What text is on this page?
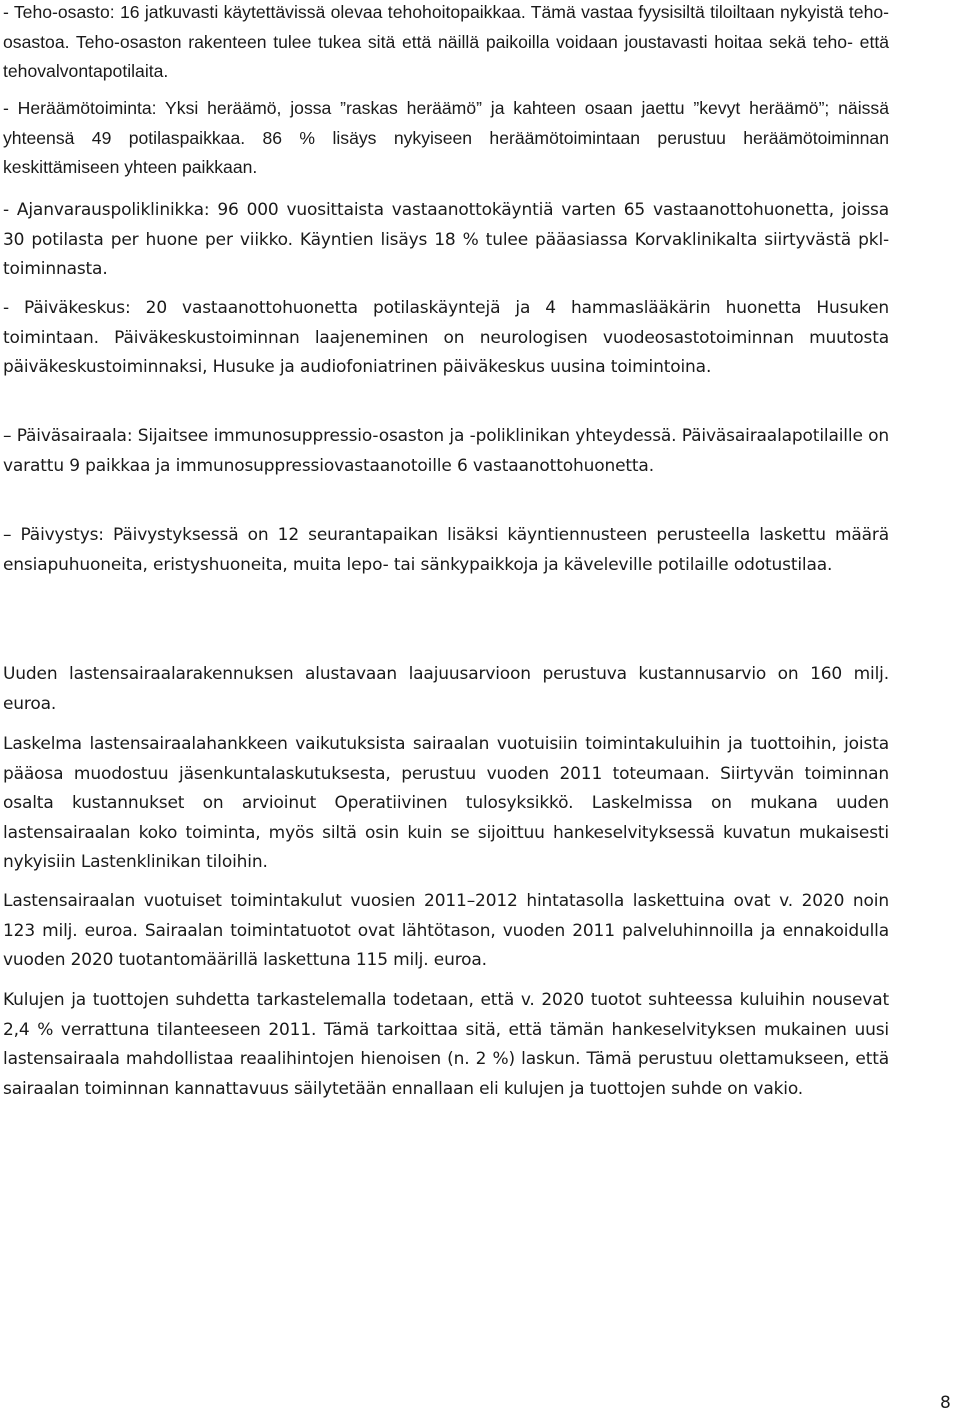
- Teho-osasto: 16 jatkuvasti käytettävissä olevaa tehohoitopaikkaa. Tämä vastaa fyysisiltä tiloiltaan nykyistä teho-osastoa. Teho-osaston rakenteen tulee tukea sitä että näillä paikoilla voidaan joustavasti hoitaa sekä teho- että tehovalvontapotilaita.

- Heräämötoiminta: Yksi heräämö, jossa ”raskas heräämö” ja kahteen osaan jaettu ”kevyt heräämö”; näissä yhteensä 49 potilaspaikkaa. 86 % lisäys nykyiseen heräämötoimintaan perustuu heräämötoiminnan keskittämiseen yhteen paikkaan.

- Ajanvarauspoliklinikka: 96 000 vuosittaista vastaanottokäyntiä varten 65 vastaanottohuonetta, joissa 30 potilasta per huone per viikko. Käyntien lisäys 18 % tulee pääasiassa Korvaklinikalta siirtyvästä pkl-toiminnasta.

- Päiväkeskus: 20 vastaanottohuonetta potilaskäyntejä ja 4 hammaslääkärin huonetta Husuken toimintaan. Päiväkeskustoiminnan laajeneminen on neurologisen vuodeosastotoiminnan muutosta päiväkeskustoiminnaksi, Husuke ja audiofoniatrinen päiväkeskus uusina toimintoina.

– Päiväsairaala: Sijaitsee immunosuppressio-osaston ja -poliklinikan yhteydessä. Päiväsairaalapotilaille on varattu 9 paikkaa ja immunosuppressiovastaanotoille 6 vastaanottohuonetta.

– Päivystys: Päivystyksessä on 12 seurantapaikan lisäksi käyntiennusteen perusteella laskettu määrä ensiapuhuoneita, eristyshuoneita, muita lepo- tai sänkypaikkoja ja käveleville potilaille odotustilaa.

Uuden lastensairaalarakennuksen alustavaan laajuusarvioon perustuva kustannusarvio on 160 milj. euroa.

Laskelma lastensairaalahankkeen vaikutuksista sairaalan vuotuisiin toimintakuluihin ja tuottoihin, joista pääosa muodostuu jäsenkuntalaskutuksesta, perustuu vuoden 2011 toteumaan. Siirtyvän toiminnan osalta kustannukset on arvioinut Operatiivinen tulosyksikkö. Laskelmissa on mukana uuden lastensairaalan koko toiminta, myös siltä osin kuin se sijoittuu hankeselvityksessä kuvatun mukaisesti nykyisiin Lastenklinikan tiloihin.

Lastensairaalan vuotuiset toimintakulut vuosien 2011–2012 hintatasolla laskettuina ovat v. 2020 noin 123 milj. euroa. Sairaalan toimintatuotot ovat lähtötason, vuoden 2011 palveluhinnoilla ja ennakoidulla vuoden 2020 tuotantomäärillä laskettuna 115 milj. euroa.

Kulujen ja tuottojen suhdetta tarkastelemalla todetaan, että v. 2020 tuotot suhteessa kuluihin nousevat 2,4 % verrattuna tilanteeseen 2011. Tämä tarkoittaa sitä, että tämän hankeselvityksen mukainen uusi lastensairaala mahdollistaa reaalihintojen hienoisen (n. 2 %) laskun. Tämä perustuu olettamukseen, että sairaalan toiminnan kannattavuus säilytetään ennallaan eli kulujen ja tuottojen suhde on vakio.

8
